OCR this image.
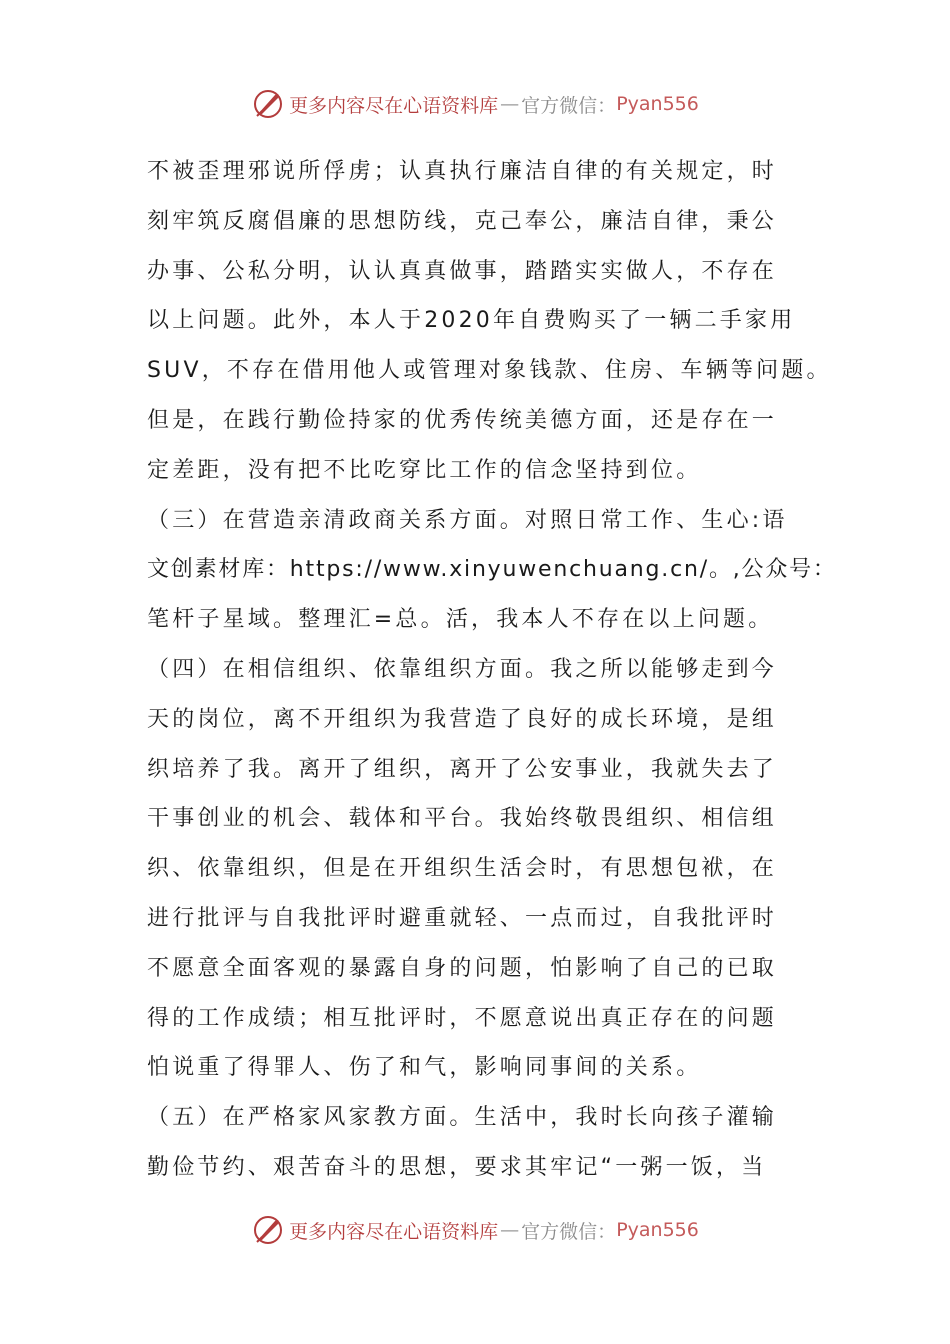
更多内容尽在心语资料库 — 官方微信： Pyan556
不被歪理邪说所俘虏；认真执行廉洁自律的有关规定，时
刻牢筑反腐倡廉的思想防线，克己奉公，廉洁自律，秉公
办事、公私分明，认认真真做事，踏踏实实做人，不存在
以上问题。此外，本人于2020年自费购买了一辆二手家用
SUV，不存在借用他人或管理对象钱款、住房、车辆等问题。
但是，在践行勤俭持家的优秀传统美德方面，还是存在一
定差距，没有把不比吃穿比工作的信念坚持到位。
（三）在营造亲清政商关系方面。对照日常工作、生心:语
文创素材库：https://www.xinyuwenchuang.cn/。,公众号：
笔杆子星域。整理汇=总。活，我本人不存在以上问题。
（四）在相信组织、依靠组织方面。我之所以能够走到今
天的岗位，离不开组织为我营造了良好的成长环境，是组
织培养了我。离开了组织，离开了公安事业，我就失去了
干事创业的机会、载体和平台。我始终敬畏组织、相信组
织、依靠组织，但是在开组织生活会时，有思想包袱，在
进行批评与自我批评时避重就轻、一点而过，自我批评时
不愿意全面客观的暴露自身的问题，怕影响了自己的已取
得的工作成绩；相互批评时，不愿意说出真正存在的问题
怕说重了得罪人、伤了和气，影响同事间的关系。
（五）在严格家风家教方面。生活中，我时长向孩子灌输
勤俭节约、艰苦奋斗的思想，要求其牢记“一粥一饭，当
更多内容尽在心语资料库 — 官方微信： Pyan556
